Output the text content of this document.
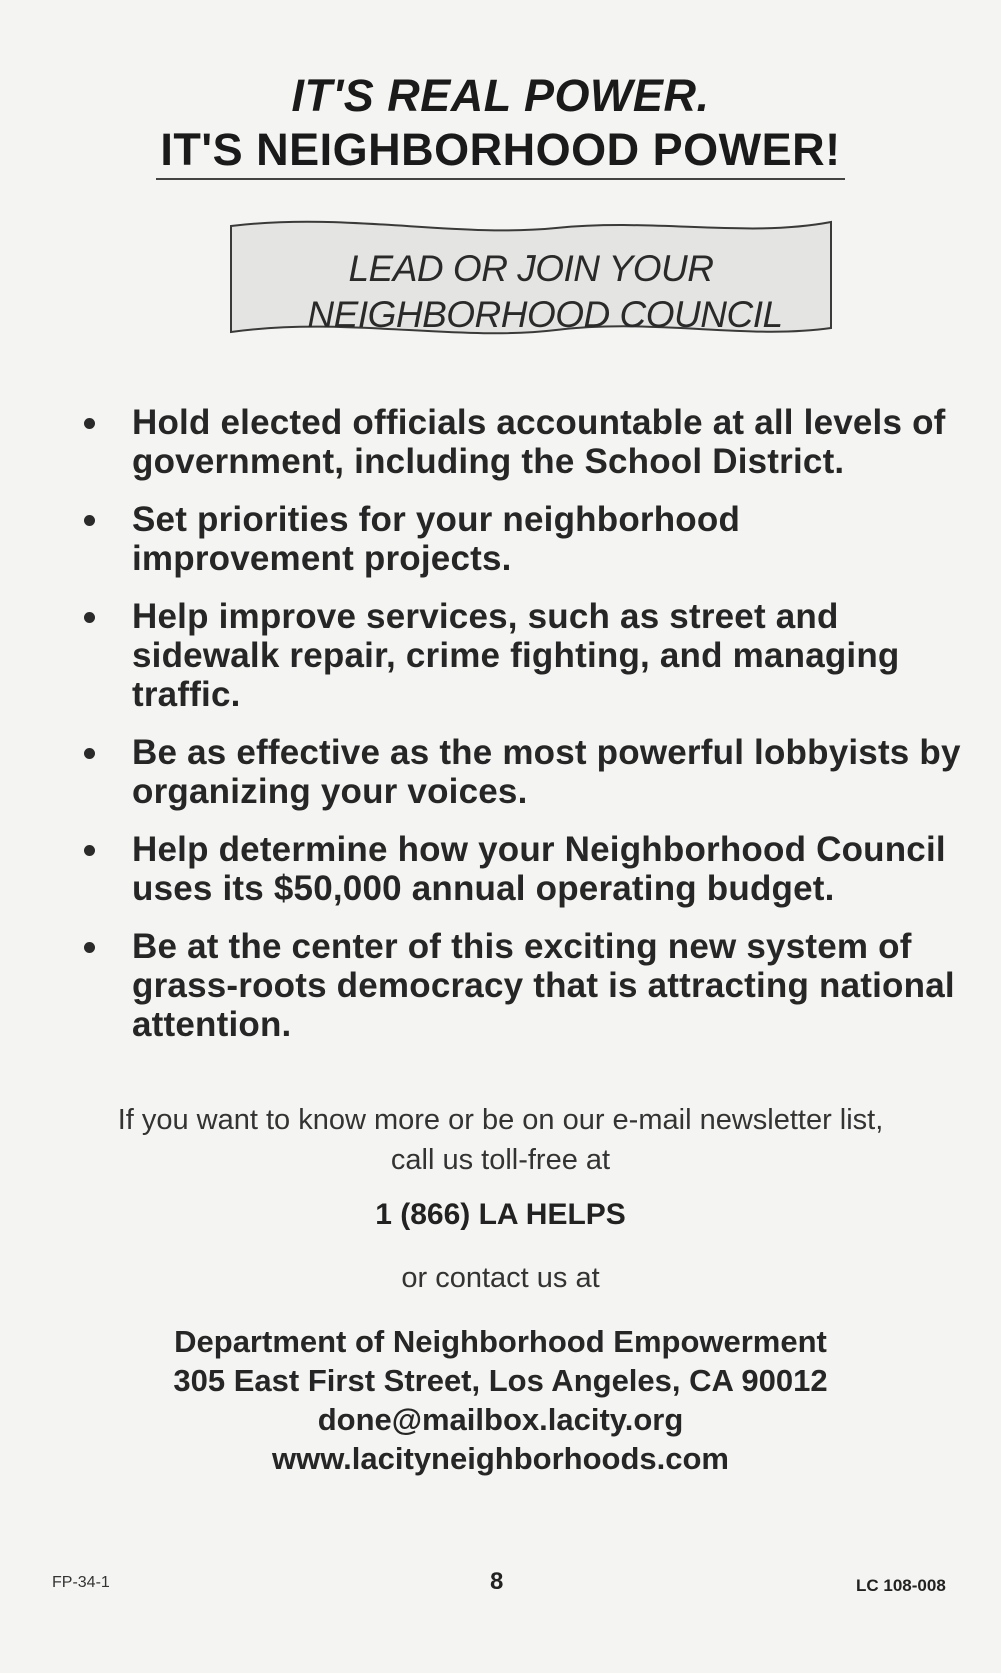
IT'S REAL POWER.
IT'S NEIGHBORHOOD POWER!
LEAD OR JOIN YOUR
NEIGHBORHOOD COUNCIL
Hold elected officials accountable at all levels of government, including the School District.
Set priorities for your neighborhood improvement projects.
Help improve services, such as street and sidewalk repair, crime fighting, and managing traffic.
Be as effective as the most powerful lobbyists by organizing your voices.
Help determine how your Neighborhood Council uses its $50,000 annual operating budget.
Be at the center of this exciting new system of grass-roots democracy that is attracting national attention.
If you want to know more or be on our e-mail newsletter list,
call us toll-free at
1 (866) LA HELPS
or contact us at
Department of Neighborhood Empowerment
305 East First Street, Los Angeles, CA 90012
done@mailbox.lacity.org
www.lacityneighborhoods.com
FP-34-1	8	LC 108-008
